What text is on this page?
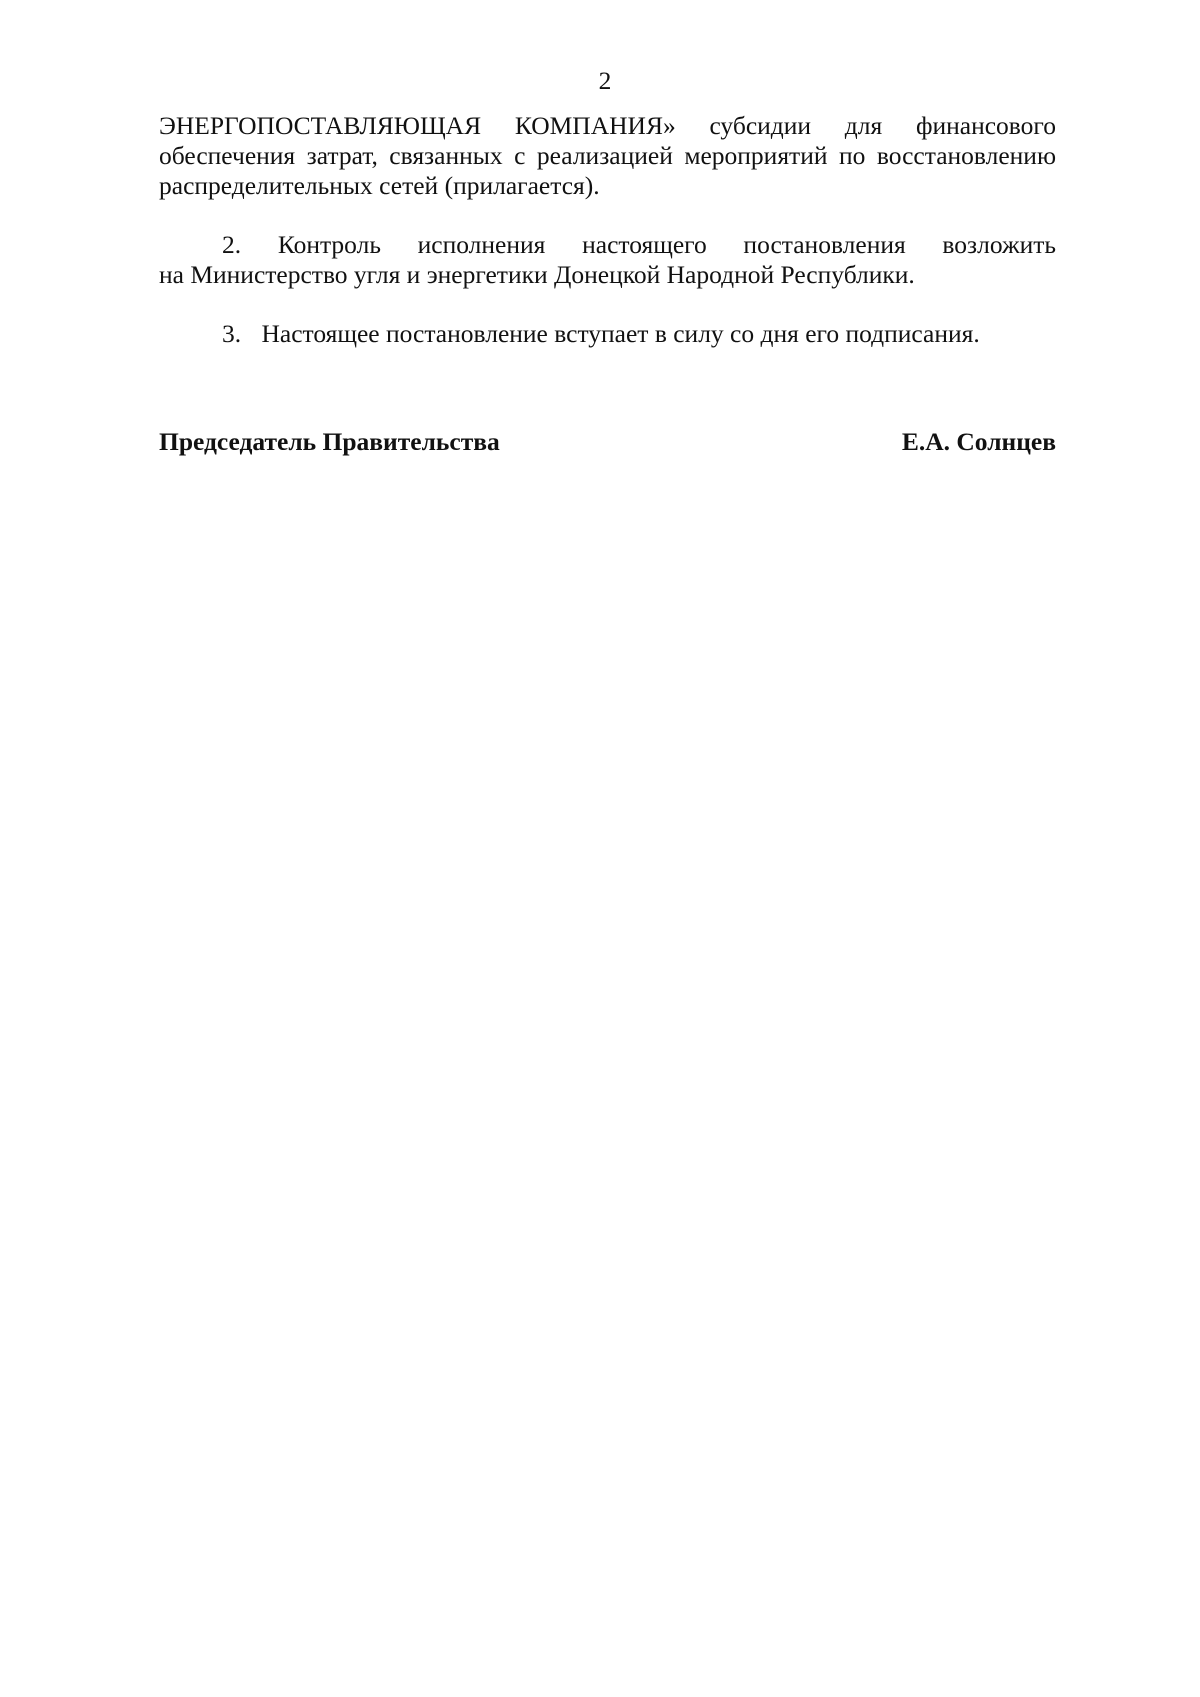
2
ЭНЕРГОПОСТАВЛЯЮЩАЯ КОМПАНИЯ» субсидии для финансового
обеспечения затрат, связанных с реализацией мероприятий по восстановлению
распределительных сетей (прилагается).
2. Контроль исполнения настоящего постановления возложить
на Министерство угля и энергетики Донецкой Народной Республики.
3. Настоящее постановление вступает в силу со дня его подписания.
Председатель Правительства	Е.А. Солнцев
